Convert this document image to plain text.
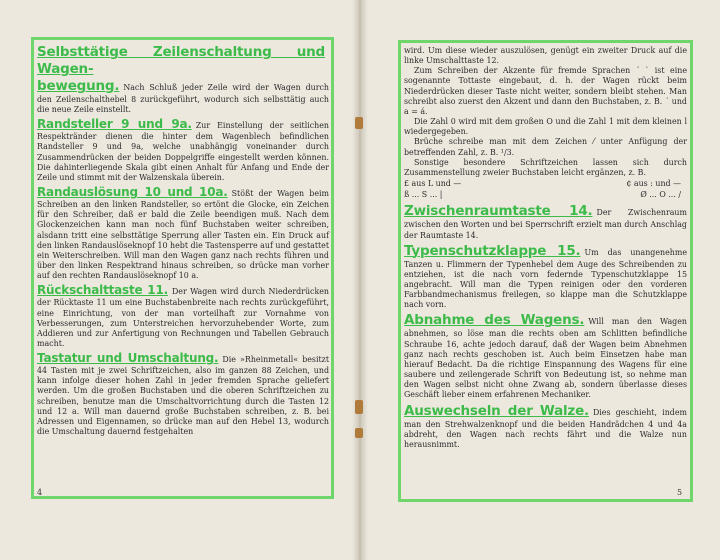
Selbsttätige Zeilenschaltung und Wagen-

bewegung. Nach Schluß jeder Zeile wird der Wagen durch den Zeilenschalthebel 8 zurückgeführt, wodurch sich selbsttätig auch die neue Zeile einstellt.

Randsteller 9 und 9a. Zur Einstellung der seitlichen Respektränder dienen die hinter dem Wagenblech befindlichen Randsteller 9 und 9a, welche unabhängig voneinander durch Zusammendrücken der beiden Doppelgriffe eingestellt werden können. Die dahinterliegende Skala gibt einen Anhalt für Anfang und Ende der Zeile und stimmt mit der Walzenskala überein.

Randauslösung 10 und 10a. Stößt der Wagen beim Schreiben an den linken Randsteller, so ertönt die Glocke, ein Zeichen für den Schreiber, daß er bald die Zeile beendigen muß. Nach dem Glockenzeichen kann man noch fünf Buchstaben weiter schreiben, alsdann tritt eine selbsttätige Sperrung aller Tasten ein. Ein Druck auf den linken Randauslöseknopf 10 hebt die Tastensperre auf und gestattet ein Weiterschreiben. Will man den Wagen ganz nach rechts führen und über den linken Respektrand hinaus schreiben, so drücke man vorher auf den rechten Randauslöseknopf 10 a.

Rückschalttaste 11. Der Wagen wird durch Niederdrücken der Rücktaste 11 um eine Buchstabenbreite nach rechts zurückgeführt, eine Einrichtung, von der man vorteilhaft zur Vornahme von Verbesserungen, zum Unterstreichen hervorzuhebender Worte, zum Addieren und zur Anfertigung von Rechnungen und Tabellen Gebrauch macht.

Tastatur und Umschaltung. Die »Rheinmetall« besitzt 44 Tasten mit je zwei Schriftzeichen, also im ganzen 88 Zeichen, und kann infolge dieser hohen Zahl in jeder fremden Sprache geliefert werden. Um die großen Buchstaben und die oberen Schriftzeichen zu schreiben, benutze man die Umschaltvorrichtung durch die Tasten 12 und 12 a. Will man dauernd große Buchstaben schreiben, z. B. bei Adressen und Eigennamen, so drücke man auf den Hebel 13, wodurch die Umschaltung dauernd festgehalten

4

wird. Um diese wieder auszulösen, genügt ein zweiter Druck auf die linke Umschalttaste 12.

Zum Schreiben der Akzente für fremde Sprachen ´ ` ist eine sogenannte Tottaste eingebaut, d. h. der Wagen rückt beim Niederdrücken dieser Taste nicht weiter, sondern bleibt stehen. Man schreibt also zuerst den Akzent und dann den Buchstaben, z. B. ´ und a = á.

Die Zahl 0 wird mit dem großen O und die Zahl 1 mit dem kleinen l wiedergegeben.

Brüche schreibe man mit dem Zeichen ⁄ unter Anfügung der betreffenden Zahl, z. B. ¹/3.

Sonstige besondere Schriftzeichen lassen sich durch Zusammenstellung zweier Buchstaben leicht ergänzen, z. B.

£ aus L und —	¢ aus : und —
ß ... S ... |	Ø ... O ... /

Zwischenraumtaste 14. Der Zwischenraum zwischen den Worten und bei Sperrschrift erzielt man durch Anschlag der Raumtaste 14.

Typenschutzklappe 15. Um das unangenehme Tanzen u. Flimmern der Typenhebel dem Auge des Schreibenden zu entziehen, ist die nach vorn federnde Typenschutzklappe 15 angebracht. Will man die Typen reinigen oder den vorderen Farbbandmechanismus freilegen, so klappe man die Schutzklappe nach vorn.

Abnahme des Wagens. Will man den Wagen abnehmen, so löse man die rechts oben am Schlitten befindliche Schraube 16, achte jedoch darauf, daß der Wagen beim Abnehmen ganz nach rechts geschoben ist. Auch beim Einsetzen habe man hierauf Bedacht. Da die richtige Einspannung des Wagens für eine saubere und zeilengerade Schrift von Bedeutung ist, so nehme man den Wagen selbst nicht ohne Zwang ab, sondern überlasse dieses Geschäft lieber einem erfahrenen Mechaniker.

Auswechseln der Walze. Dies geschieht, indem man den Strehwalzenknopf und die beiden Handrädchen 4 und 4a abdreht, den Wagen nach rechts fährt und die Walze nun herausnimmt.

5
